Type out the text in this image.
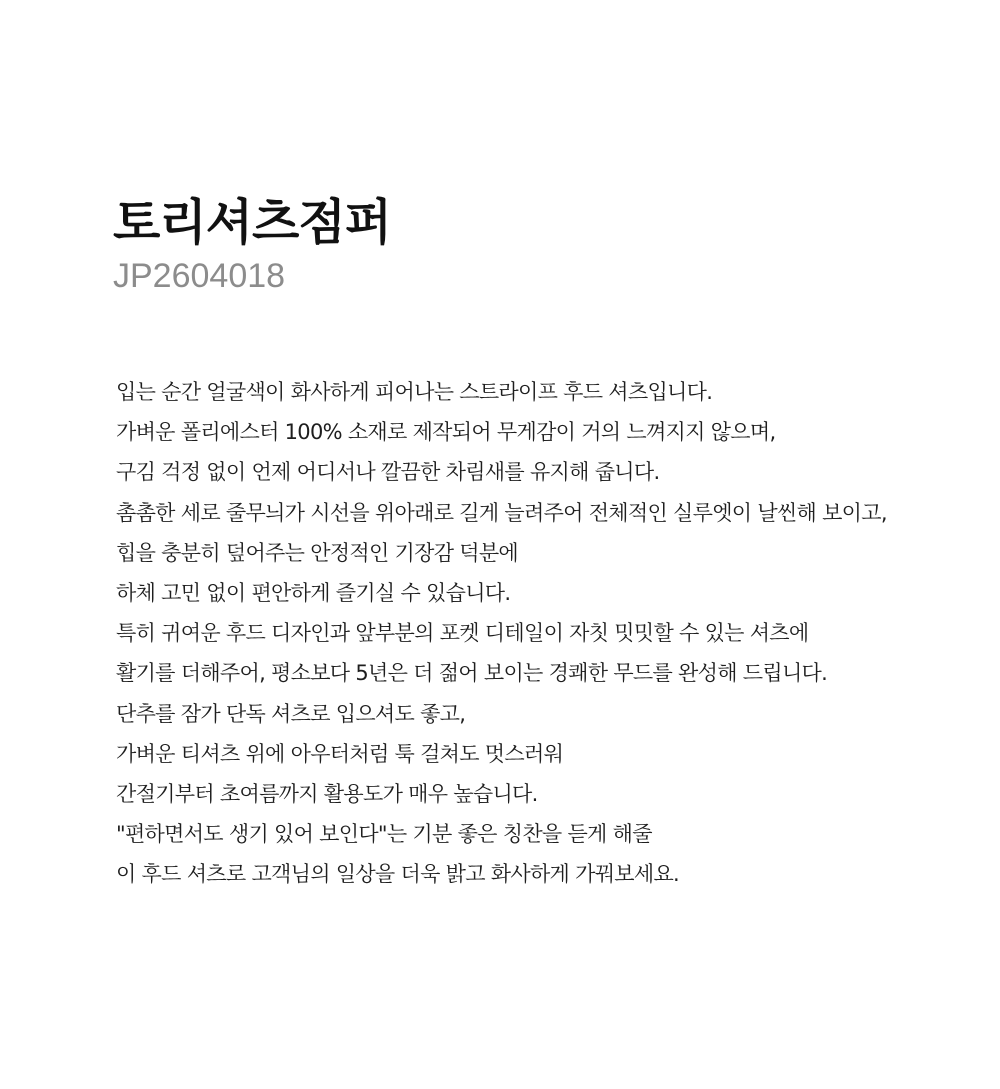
토리셔츠점퍼

JP2604018

입는 순간 얼굴색이 화사하게 피어나는 스트라이프 후드 셔츠입니다.
가벼운 폴리에스터 100% 소재로 제작되어 무게감이 거의 느껴지지 않으며,
구김 걱정 없이 언제 어디서나 깔끔한 차림새를 유지해 줍니다.
촘촘한 세로 줄무늬가 시선을 위아래로 길게 늘려주어 전체적인 실루엣이 날씬해 보이고,
힙을 충분히 덮어주는 안정적인 기장감 덕분에
하체 고민 없이 편안하게 즐기실 수 있습니다.
특히 귀여운 후드 디자인과 앞부분의 포켓 디테일이 자칫 밋밋할 수 있는 셔츠에
활기를 더해주어, 평소보다 5년은 더 젊어 보이는 경쾌한 무드를 완성해 드립니다.
단추를 잠가 단독 셔츠로 입으셔도 좋고,
가벼운 티셔츠 위에 아우터처럼 툭 걸쳐도 멋스러워
간절기부터 초여름까지 활용도가 매우 높습니다.
"편하면서도 생기 있어 보인다"는 기분 좋은 칭찬을 듣게 해줄
이 후드 셔츠로 고객님의 일상을 더욱 밝고 화사하게 가꿔보세요.
